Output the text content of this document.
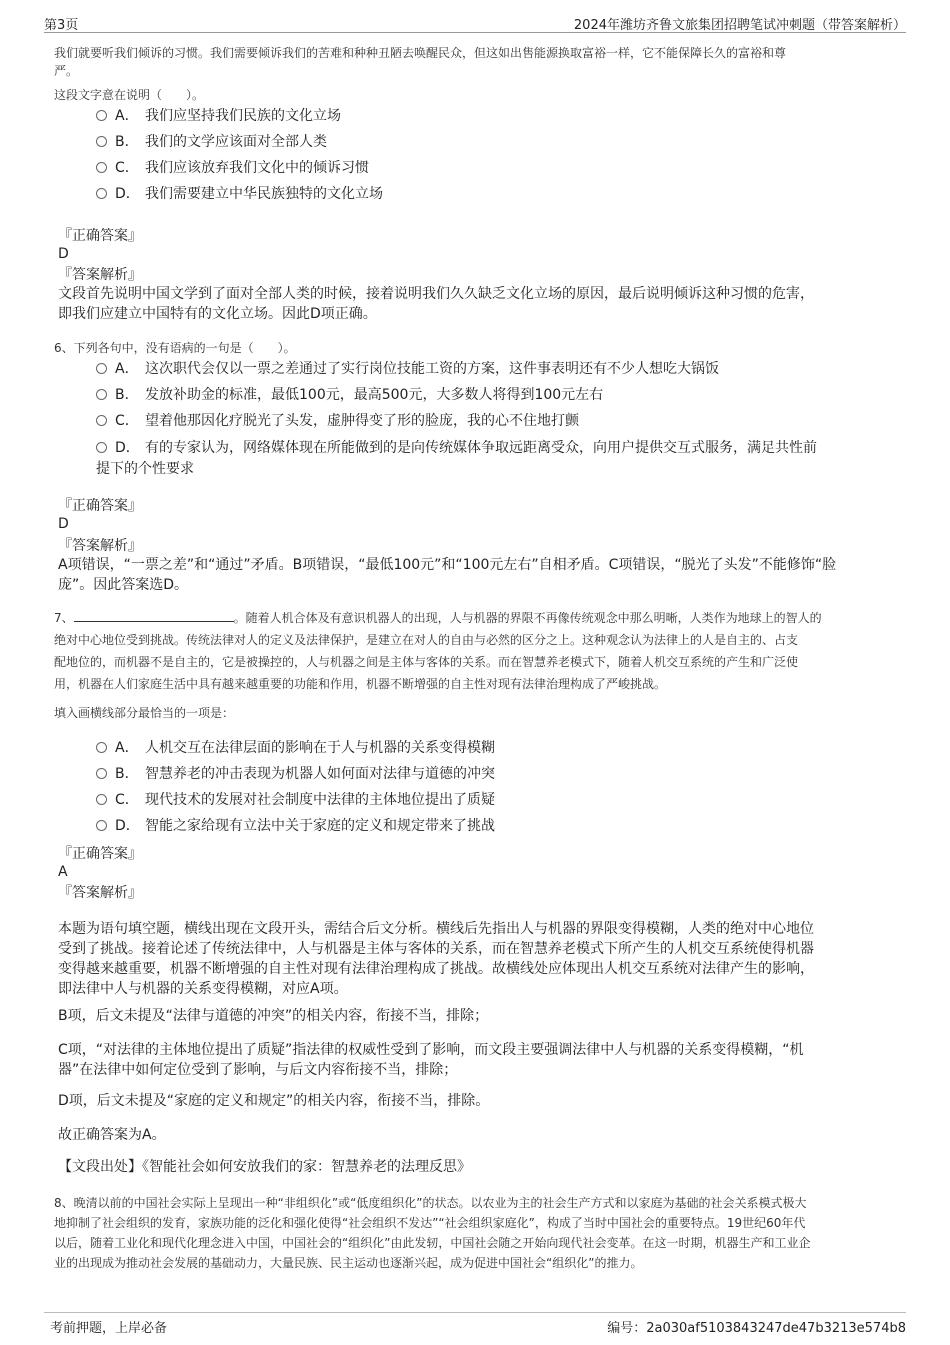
第3页	2024年潍坊齐鲁文旅集团招聘笔试冲刺题（带答案解析）
我们就要听我们倾诉的习惯。我们需要倾诉我们的苦难和种种丑陋去唤醒民众，但这如出售能源换取富裕一样，它不能保障长久的富裕和尊
严。
这段文字意在说明（　　）。
A． 我们应坚持我们民族的文化立场
B． 我们的文学应该面对全部人类
C． 我们应该放弃我们文化中的倾诉习惯
D． 我们需要建立中华民族独特的文化立场
『正确答案』
D
『答案解析』
文段首先说明中国文学到了面对全部人类的时候，接着说明我们久久缺乏文化立场的原因，最后说明倾诉这种习惯的危害，
即我们应建立中国特有的文化立场。因此D项正确。
6、下列各句中，没有语病的一句是（　　）。
A． 这次职代会仅以一票之差通过了实行岗位技能工资的方案，这件事表明还有不少人想吃大锅饭
B． 发放补助金的标准，最低100元，最高500元，大多数人将得到100元左右
C． 望着他那因化疗脱光了头发，虚肿得变了形的脸庞，我的心不住地打颤
D． 有的专家认为，网络媒体现在所能做到的是向传统媒体争取远距离受众，向用户提供交互式服务，满足共性前
提下的个性要求
『正确答案』
D
『答案解析』
A项错误，“一票之差”和“通过”矛盾。B项错误，“最低100元”和“100元左右”自相矛盾。C项错误，“脱光了头发”不能修饰“脸
庞”。因此答案选D。
7、	。随着人机合体及有意识机器人的出现，人与机器的界限不再像传统观念中那么明晰，人类作为地球上的智人的
绝对中心地位受到挑战。传统法律对人的定义及法律保护，是建立在对人的自由与必然的区分之上。这种观念认为法律上的人是自主的、占支
配地位的，而机器不是自主的，它是被操控的，人与机器之间是主体与客体的关系。而在智慧养老模式下，随着人机交互系统的产生和广泛使
用，机器在人们家庭生活中具有越来越重要的功能和作用，机器不断增强的自主性对现有法律治理构成了严峻挑战。
填入画横线部分最恰当的一项是：
A． 人机交互在法律层面的影响在于人与机器的关系变得模糊
B． 智慧养老的冲击表现为机器人如何面对法律与道德的冲突
C． 现代技术的发展对社会制度中法律的主体地位提出了质疑
D． 智能之家给现有立法中关于家庭的定义和规定带来了挑战
『正确答案』
A
『答案解析』
本题为语句填空题，横线出现在文段开头，需结合后文分析。横线后先指出人与机器的界限变得模糊，人类的绝对中心地位
受到了挑战。接着论述了传统法律中，人与机器是主体与客体的关系，而在智慧养老模式下所产生的人机交互系统使得机器
变得越来越重要，机器不断增强的自主性对现有法律治理构成了挑战。故横线处应体现出人机交互系统对法律产生的影响，
即法律中人与机器的关系变得模糊，对应A项。
B项，后文未提及“法律与道德的冲突”的相关内容，衔接不当，排除；
C项，“对法律的主体地位提出了质疑”指法律的权威性受到了影响，而文段主要强调法律中人与机器的关系变得模糊，“机
器”在法律中如何定位受到了影响，与后文内容衔接不当，排除；
D项，后文未提及“家庭的定义和规定”的相关内容，衔接不当，排除。
故正确答案为A。
【文段出处】《智能社会如何安放我们的家：智慧养老的法理反思》
8、晚清以前的中国社会实际上呈现出一种“非组织化”或“低度组织化”的状态。以农业为主的社会生产方式和以家庭为基础的社会关系模式极大
地抑制了社会组织的发育，家族功能的泛化和强化使得“社会组织不发达”“社会组织家庭化”，构成了当时中国社会的重要特点。19世纪60年代
以后，随着工业化和现代化理念进入中国，中国社会的“组织化”由此发轫，中国社会随之开始向现代社会变革。在这一时期，机器生产和工业企
业的出现成为推动社会发展的基础动力，大量民族、民主运动也逐渐兴起，成为促进中国社会“组织化”的推力。
考前押题，上岸必备	编号：2a030af5103843247de47b3213e574b8
